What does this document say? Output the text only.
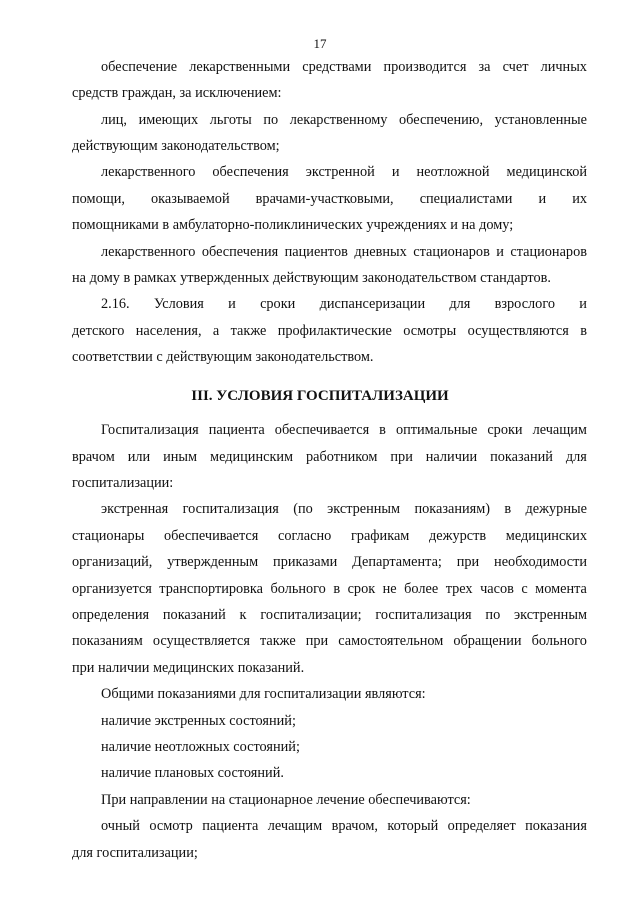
17
обеспечение лекарственными средствами производится за счет личных
средств граждан, за исключением:
лиц, имеющих льготы по лекарственному обеспечению, установленные
действующим законодательством;
лекарственного обеспечения экстренной и неотложной медицинской
помощи, оказываемой врачами-участковыми, специалистами и их
помощниками в амбулаторно-поликлинических учреждениях и на дому;
лекарственного обеспечения пациентов дневных стационаров и стационаров
на дому в рамках утвержденных действующим законодательством стандартов.
2.16. Условия и сроки диспансеризации для взрослого и
детского населения, а также профилактические осмотры осуществляются в
соответствии с действующим законодательством.
III. УСЛОВИЯ ГОСПИТАЛИЗАЦИИ
Госпитализация пациента обеспечивается в оптимальные сроки лечащим
врачом или иным медицинским работником при наличии показаний для
госпитализации:
экстренная госпитализация (по экстренным показаниям) в дежурные
стационары обеспечивается согласно графикам дежурств медицинских
организаций, утвержденным приказами Департамента; при необходимости
организуется транспортировка больного в срок не более трех часов с момента
определения показаний к госпитализации; госпитализация по экстренным
показаниям осуществляется также при самостоятельном обращении больного
при наличии медицинских показаний.
Общими показаниями для госпитализации являются:
наличие экстренных состояний;
наличие неотложных состояний;
наличие плановых состояний.
При направлении на стационарное лечение обеспечиваются:
очный осмотр пациента лечащим врачом, который определяет показания
для госпитализации;
